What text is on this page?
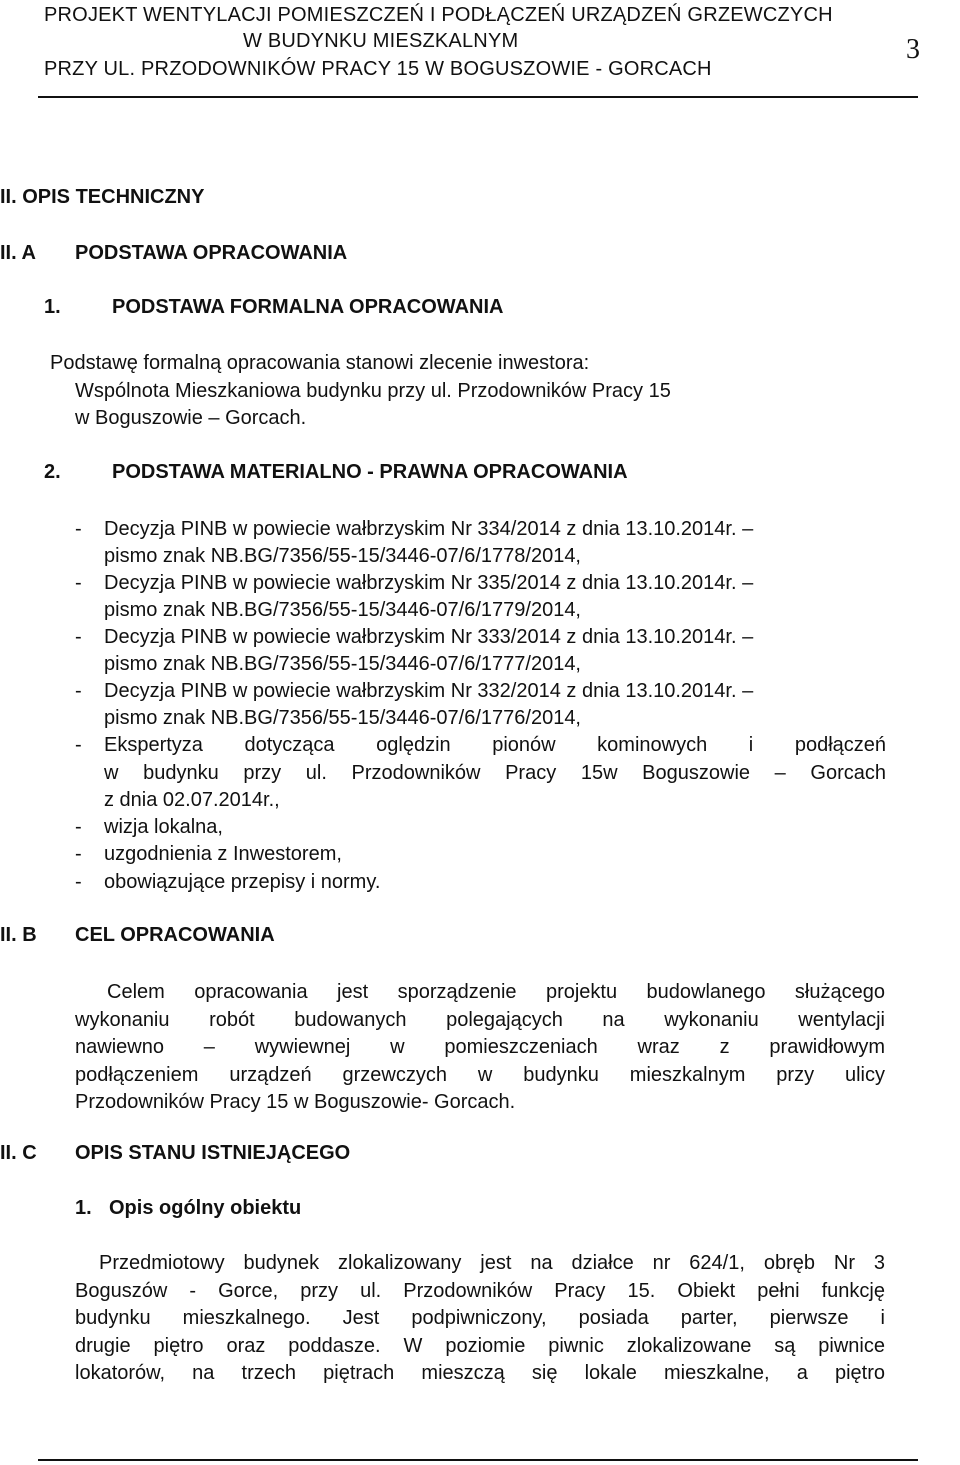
PROJEKT WENTYLACJI POMIESZCZEŃ I PODŁĄCZEŃ URZĄDZEŃ GRZEWCZYCH
W BUDYNKU MIESZKALNYM
PRZY UL. PRZODOWNIKÓW PRACY 15 W BOGUSZOWIE - GORCACH
3
II. OPIS TECHNICZNY
II. A PODSTAWA OPRACOWANIA
1.	PODSTAWA FORMALNA OPRACOWANIA
Podstawę formalną opracowania stanowi zlecenie inwestora:
Wspólnota Mieszkaniowa budynku przy ul. Przodowników Pracy 15
w Boguszowie – Gorcach.
2.	PODSTAWA MATERIALNO - PRAWNA OPRACOWANIA
- Decyzja PINB w powiecie wałbrzyskim Nr 334/2014 z dnia 13.10.2014r. –
pismo znak NB.BG/7356/55-15/3446-07/6/1778/2014,
- Decyzja PINB w powiecie wałbrzyskim Nr 335/2014 z dnia 13.10.2014r. –
pismo znak NB.BG/7356/55-15/3446-07/6/1779/2014,
- Decyzja PINB w powiecie wałbrzyskim Nr 333/2014 z dnia 13.10.2014r. –
pismo znak NB.BG/7356/55-15/3446-07/6/1777/2014,
- Decyzja PINB w powiecie wałbrzyskim Nr 332/2014 z dnia 13.10.2014r. –
pismo znak NB.BG/7356/55-15/3446-07/6/1776/2014,
- Ekspertyza dotycząca oględzin pionów kominowych i podłączeń
w budynku przy ul. Przodowników Pracy 15w Boguszowie – Gorcach
z dnia 02.07.2014r.,
- wizja lokalna,
- uzgodnienia z Inwestorem,
- obowiązujące przepisy i normy.
II. B CEL OPRACOWANIA
Celem opracowania jest sporządzenie projektu budowlanego służącego
wykonaniu robót budowanych polegających na wykonaniu wentylacji
nawiewno – wywiewnej w pomieszczeniach wraz z prawidłowym
podłączeniem urządzeń grzewczych w budynku mieszkalnym przy ulicy
Przodowników Pracy 15 w Boguszowie- Gorcach.
II. C OPIS STANU ISTNIEJĄCEGO
1. Opis ogólny obiektu
Przedmiotowy budynek zlokalizowany jest na działce nr 624/1, obręb Nr 3
Boguszów - Gorce, przy ul. Przodowników Pracy 15. Obiekt pełni funkcję
budynku mieszkalnego. Jest podpiwniczony, posiada parter, pierwsze i
drugie piętro oraz poddasze. W poziomie piwnic zlokalizowane są piwnice
lokatorów, na trzech piętrach mieszczą się lokale mieszkalne, a piętro
